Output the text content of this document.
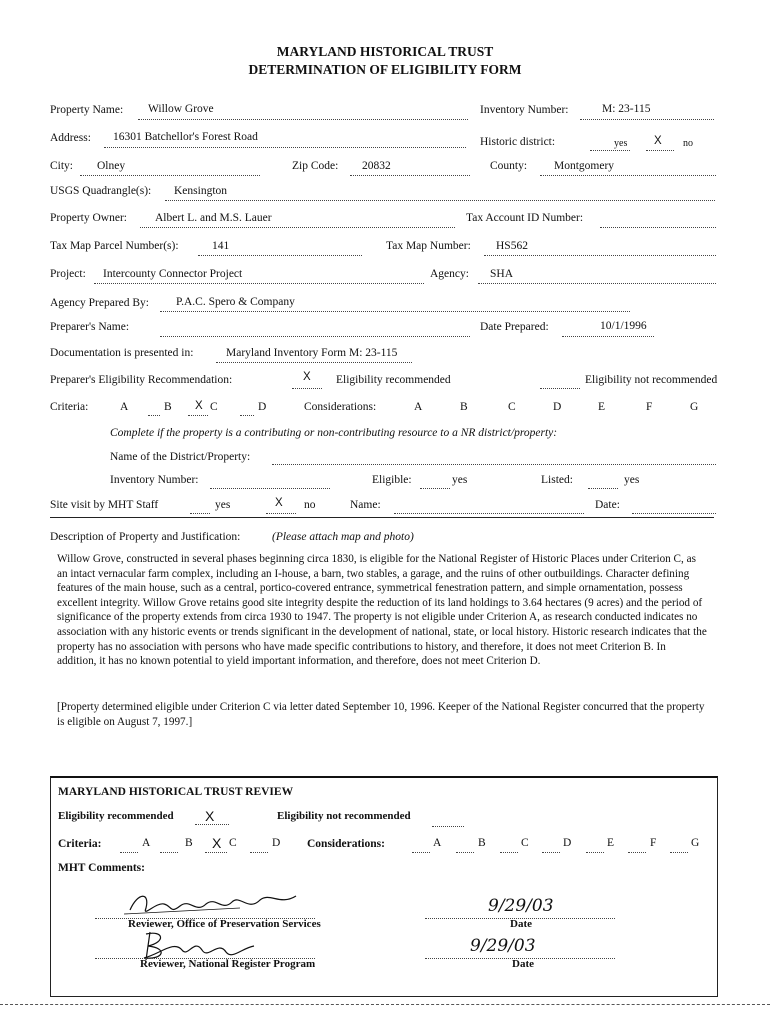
MARYLAND HISTORICAL TRUST
DETERMINATION OF ELIGIBILITY FORM
Property Name: Willow Grove	Inventory Number:	M: 23-115
Address: 16301 Batchellor's Forest Road	Historic district:	yes X no
City: Olney	Zip Code: 20832	County: Montgomery
USGS Quadrangle(s): Kensington
Property Owner: Albert L. and M.S. Lauer	Tax Account ID Number:
Tax Map Parcel Number(s):	141	Tax Map Number: HS562
Project: Intercounty Connector Project	Agency: SHA
Agency Prepared By: P.A.C. Spero & Company
Preparer's Name:	Date Prepared:	10/1/1996
Documentation is presented in:	Maryland Inventory Form M: 23-115
Preparer's Eligibility Recommendation:	X Eligibility recommended	Eligibility not recommended
Criteria:	A	B X C	D	Considerations:	A	B	C	D	E	F	G
Complete if the property is a contributing or non-contributing resource to a NR district/property:
Name of the District/Property:
Inventory Number:	Eligible:	yes	Listed:	yes
Site visit by MHT Staff	yes	X no	Name:	Date:
Description of Property and Justification:	(Please attach map and photo)
Willow Grove, constructed in several phases beginning circa 1830, is eligible for the National Register of Historic Places under Criterion C, as an intact vernacular farm complex, including an I-house, a barn, two stables, a garage, and the ruins of other outbuildings. Character defining features of the main house, such as a central, portico-covered entrance, symmetrical fenestration pattern, and simple ornamentation, possess excellent integrity. Willow Grove retains good site integrity despite the reduction of its land holdings to 3.64 hectares (9 acres) and the period of significance of the property extends from circa 1930 to 1947. The property is not eligible under Criterion A, as research conducted indicates no association with any historic events or trends significant in the development of national, state, or local history. Historic research indicates that the property has no association with persons who have made specific contributions to history, and therefore, it does not meet Criterion B. In addition, it has no known potential to yield important information, and therefore, does not meet Criterion D.
[Property determined eligible under Criterion C via letter dated September 10, 1996. Keeper of the National Register concurred that the property is eligible on August 7, 1997.]
MARYLAND HISTORICAL TRUST REVIEW
Eligibility recommended X	Eligibility not recommended
Criteria:	A	B X C	D Considerations:	A	B	C	D	E	F	G
MHT Comments:
Reviewer, Office of Preservation Services
9/29/03
Date
Reviewer, National Register Program
9/29/03
Date
